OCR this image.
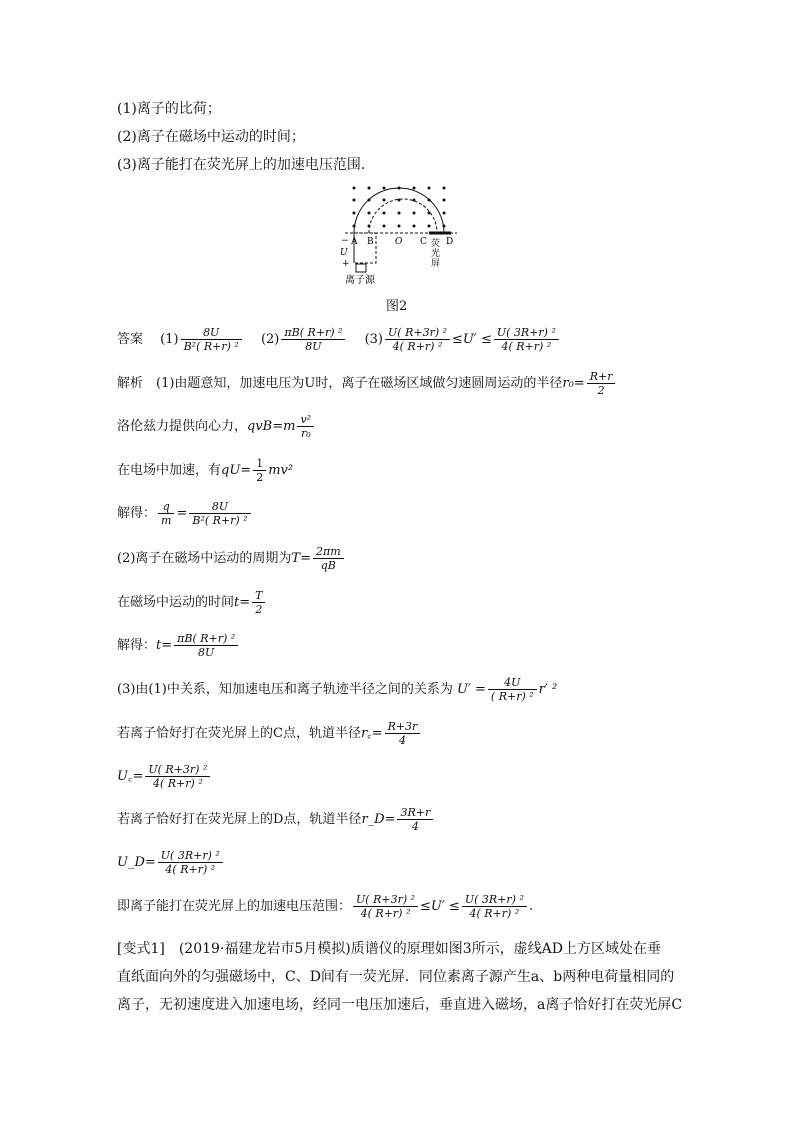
(1)离子的比荷；
(2)离子在磁场中运动的时间；
(3)离子能打在荧光屏上的加速电压范围．
A B O C D
−
U
+
荧
光
屏
离子源
图2
答案　 $(1) \frac{8U}{\text{B²( R+r) ²}}$
　 $(2) \frac{\text{πB( R+r) ²}}{8U}$
　 $(3) \frac{\text{U( R+3r) ²}}{\text{4( R+r) ²}} \le U' \le \frac{\text{U( 3R+r) ²}}{\text{4( R+r) ²}}$
解析　(1)由题意知，加速电压为U时，离子在磁场区域做匀速圆周运动的半径$r_0= \frac{R+r}{2}$
洛伦兹力提供向心力，$qvB=m \frac{\text{v²}}{\text{r₀}}$
在电场中加速，有$qU= \frac{1}{2} mv^2$
解得： $\frac{q}{m} = \frac{8U}{\text{B²( R+r) ²}}$
(2)离子在磁场中运动的周期为$T= \frac{2\pi m}{qB}$
在磁场中运动的时间$t= \frac{T}{2}$
解得：$t= \frac{\text{πB( R+r) ²}}{8U}$
(3)由(1)中关系，知加速电压和离子轨迹半径之间的关系为 $U' = \frac{4U}{\text{( R+r) ²}} r'$ ²
若离子恰好打在荧光屏上的C点，轨道半径r꜀= $\frac{R+3r}{4}$
U꜀= $\frac{\text{U( R+3r) ²}}{\text{4( R+r) ²}}$
若离子恰好打在荧光屏上的D点，轨道半径r_D= $\frac{3R+r}{4}$
U_D= $\frac{\text{U( 3R+r) ²}}{\text{4( R+r) ²}}$
即离子能打在荧光屏上的加速电压范围： $\frac{\text{U( R+3r) ²}}{\text{4( R+r) ²}} \le U' \le \frac{\text{U( 3R+r) ²}}{\text{4( R+r) ²}}$ .
[变式1]　(2019·福建龙岩市5月模拟)质谱仪的原理如图3所示，虚线AD上方区域处在垂
直纸面向外的匀强磁场中，C、D间有一荧光屏．同位素离子源产生a、b两种电荷量相同的
离子，无初速度进入加速电场，经同一电压加速后，垂直进入磁场，a离子恰好打在荧光屏C
